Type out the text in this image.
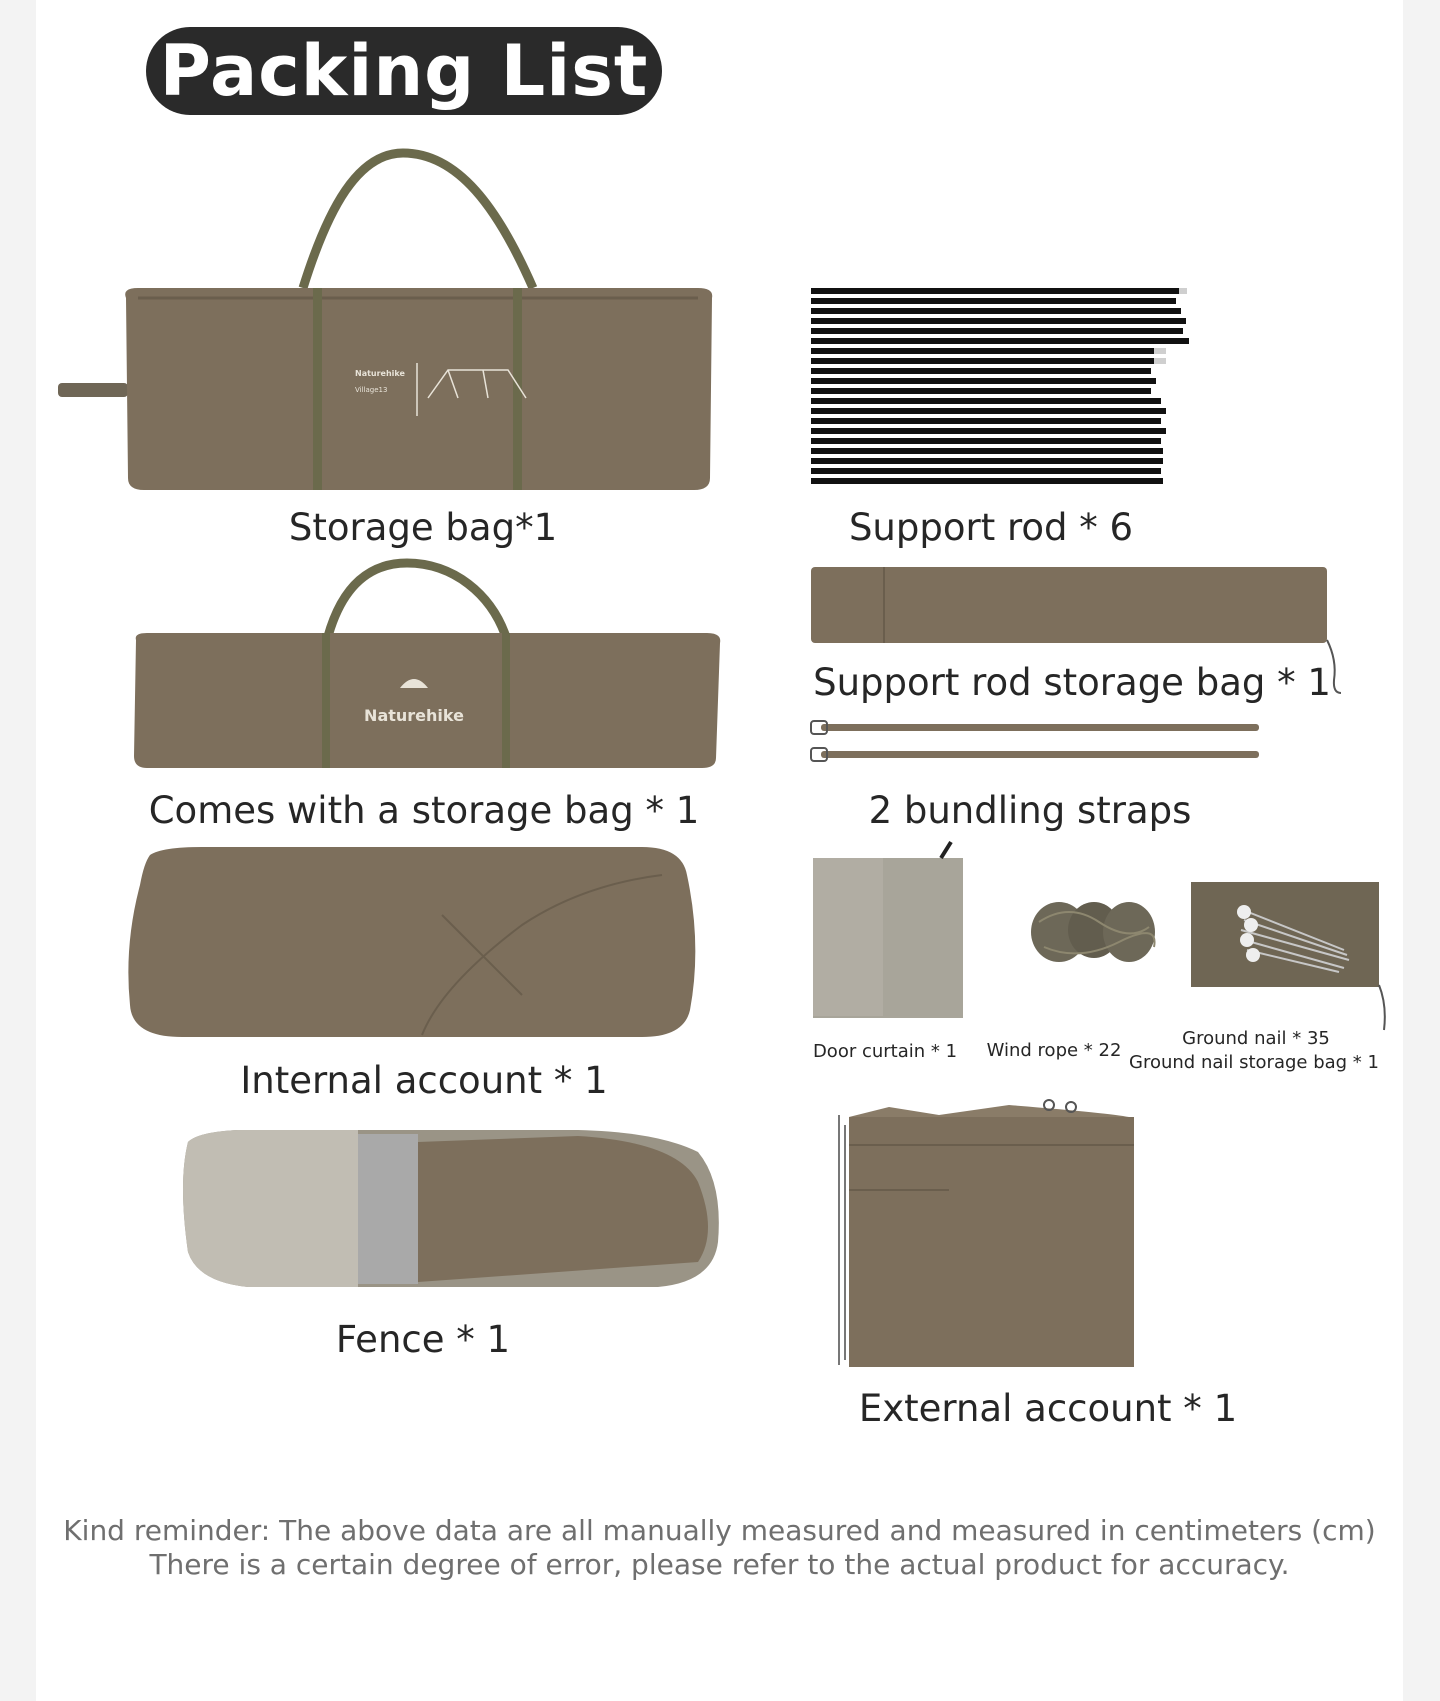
Packing List
Naturehike
Village13
Storage bag*1	Support rod * 6
Support rod storage bag * 1
Naturehike
Comes with a storage bag * 1	2 bundling straps
Door curtain * 1 Wind rope * 22
Ground nail * 35
Ground nail storage bag * 1
Internal account * 1
Fence * 1
External account * 1
Kind reminder: The above data are all manually measured and measured in centimeters (cm)
There is a certain degree of error, please refer to the actual product for accuracy.
